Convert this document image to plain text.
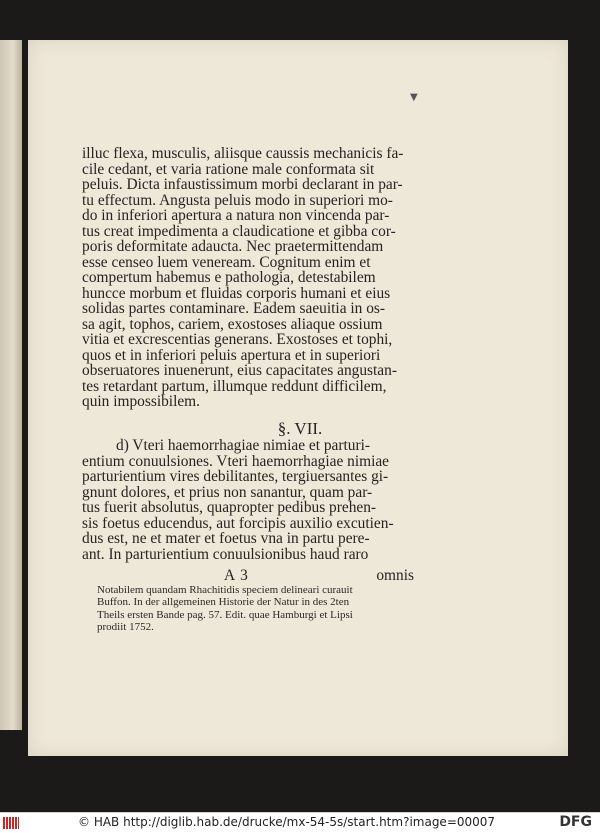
▼

illuc flexa, musculis, aliisque caussis mechanicis fa-

cile cedant, et varia ratione male conformata sit

peluis. Dicta infaustissimum morbi declarant in par-

tu effectum. Angusta peluis modo in superiori mo-

do in inferiori apertura a natura non vincenda par-

tus creat impedimenta a claudicatione et gibba cor-

poris deformitate adaucta. Nec praetermittendam

esse censeo luem veneream. Cognitum enim et

compertum habemus e pathologia, detestabilem

huncce morbum et fluidas corporis humani et eius

solidas partes contaminare. Eadem saeuitia in os-

sa agit, tophos, cariem, exostoses aliaque ossium

vitia et excrescentias generans. Exostoses et tophi,

quos et in inferiori peluis apertura et in superiori

obseruatores inuenerunt, eius capacitates angustan-

tes retardant partum, illumque reddunt difficilem,

quin impossibilem.

§. VII.

d) Vteri haemorrhagiae nimiae et parturi-

entium conuulsiones. Vteri haemorrhagiae nimiae

parturientium vires debilitantes, tergiuersantes gi-

gnunt dolores, et prius non sanantur, quam par-

tus fuerit absolutus, quapropter pedibus prehen-

sis foetus educendus, aut forcipis auxilio excutien-

dus est, ne et mater et foetus vna in partu pere-

ant. In parturientium conuulsionibus haud raro

A 3	omnis

Notabilem quandam Rhachitidis speciem delineari curauit

Buffon. In der allgemeinen Historie der Natur in des 2ten

Theils ersten Bande pag. 57. Edit. quae Hamburgi et Lipsi

prodiit 1752.

© HAB http://diglib.hab.de/drucke/mx-54-5s/start.htm?image=00007	DFG
